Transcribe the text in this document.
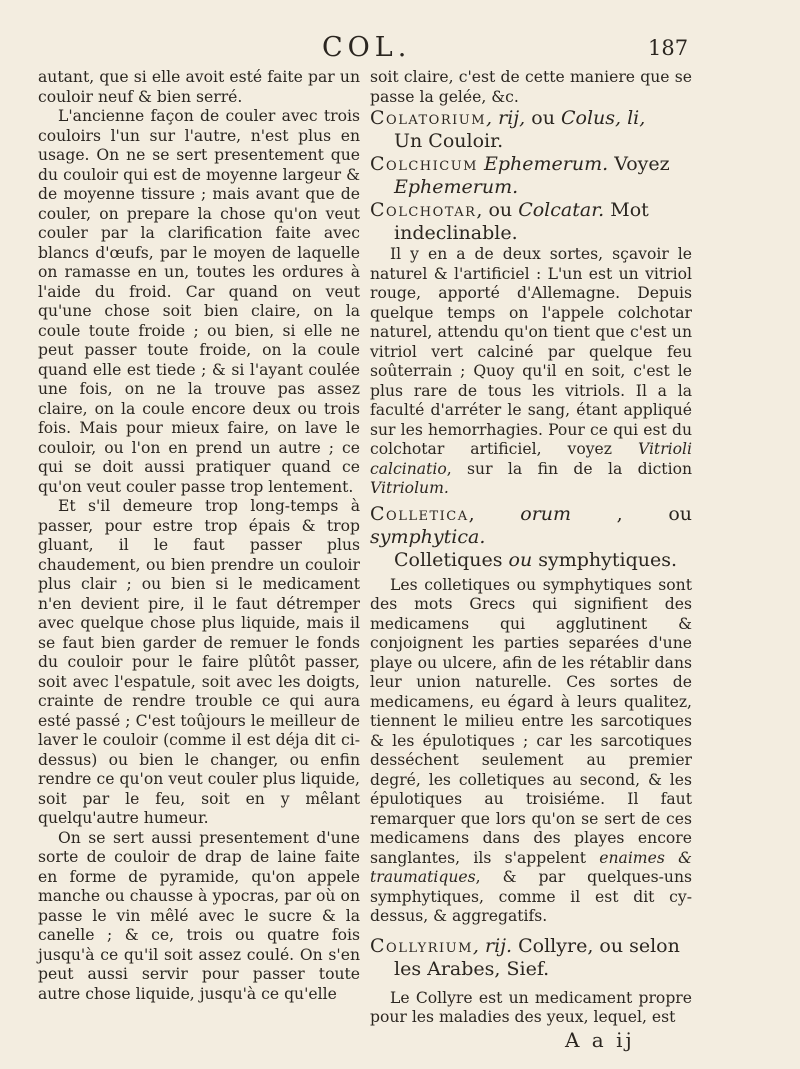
COL.	187

autant, que si elle avoit esté faite par un couloir neuf & bien serré.

L'ancienne façon de couler avec trois couloirs l'un sur l'autre, n'est plus en usage. On ne se sert presentement que du couloir qui est de moyenne largeur & de moyenne tissure ; mais avant que de couler, on prepare la chose qu'on veut couler par la clarification faite avec blancs d'œufs, par le moyen de laquelle on ramasse en un, toutes les ordures à l'aide du froid. Car quand on veut qu'une chose soit bien claire, on la coule toute froide ; ou bien, si elle ne peut passer toute froide, on la coule quand elle est tiede ; & si l'ayant coulée une fois, on ne la trouve pas assez claire, on la coule encore deux ou trois fois. Mais pour mieux faire, on lave le couloir, ou l'on en prend un autre ; ce qui se doit aussi pratiquer quand ce qu'on veut couler passe trop lentement.

Et s'il demeure trop long-temps à passer, pour estre trop épais & trop gluant, il le faut passer plus chaudement, ou bien prendre un couloir plus clair ; ou bien si le medicament n'en devient pire, il le faut détremper avec quelque chose plus liquide, mais il se faut bien garder de remuer le fonds du couloir pour le faire plûtôt passer, soit avec l'espatule, soit avec les doigts, crainte de rendre trouble ce qui aura esté passé ; C'est toûjours le meilleur de laver le couloir (comme il est déja dit ci-dessus) ou bien le changer, ou enfin rendre ce qu'on veut couler plus liquide, soit par le feu, soit en y mêlant quelqu'autre humeur.

On se sert aussi presentement d'une sorte de couloir de drap de laine faite en forme de pyramide, qu'on appele manche ou chausse à ypocras, par où on passe le vin mêlé avec le sucre & la canelle ; & ce, trois ou quatre fois jusqu'à ce qu'il soit assez coulé. On s'en peut aussi servir pour passer toute autre chose liquide, jusqu'à ce qu'elle

soit claire, c'est de cette maniere que se passe la gelée, &c.

Colatorium, rij, ou Colus, li,
Un Couloir.
Colchicum Ephemerum. Voyez
Ephemerum.
Colchotar, ou Colcatar. Mot
indeclinable.

Il y en a de deux sortes, sçavoir le naturel & l'artificiel : L'un est un vitriol rouge, apporté d'Allemagne. Depuis quelque temps on l'appele colchotar naturel, attendu qu'on tient que c'est un vitriol vert calciné par quelque feu soûterrain ; Quoy qu'il en soit, c'est le plus rare de tous les vitriols. Il a la faculté d'arréter le sang, étant appliqué sur les hemorrhagies. Pour ce qui est du colchotar artificiel, voyez Vitrioli calcinatio, sur la fin de la diction Vitriolum.

Colletica, orum , ou symphytica.
Colletiques ou symphytiques.

Les colletiques ou symphytiques sont des mots Grecs qui signifient des medicamens qui agglutinent & conjoignent les parties separées d'une playe ou ulcere, afin de les rétablir dans leur union naturelle. Ces sortes de medicamens, eu égard à leurs qualitez, tiennent le milieu entre les sarcotiques & les épulotiques ; car les sarcotiques desséchent seulement au premier degré, les colletiques au second, & les épulotiques au troisiéme. Il faut remarquer que lors qu'on se sert de ces medicamens dans des playes encore sanglantes, ils s'appelent enaimes & traumatiques, & par quelques-uns symphytiques, comme il est dit cy-dessus, & aggregatifs.

Collyrium, rij. Collyre, ou selon
les Arabes, Sief.

Le Collyre est un medicament propre pour les maladies des yeux, lequel, est

A a ij
